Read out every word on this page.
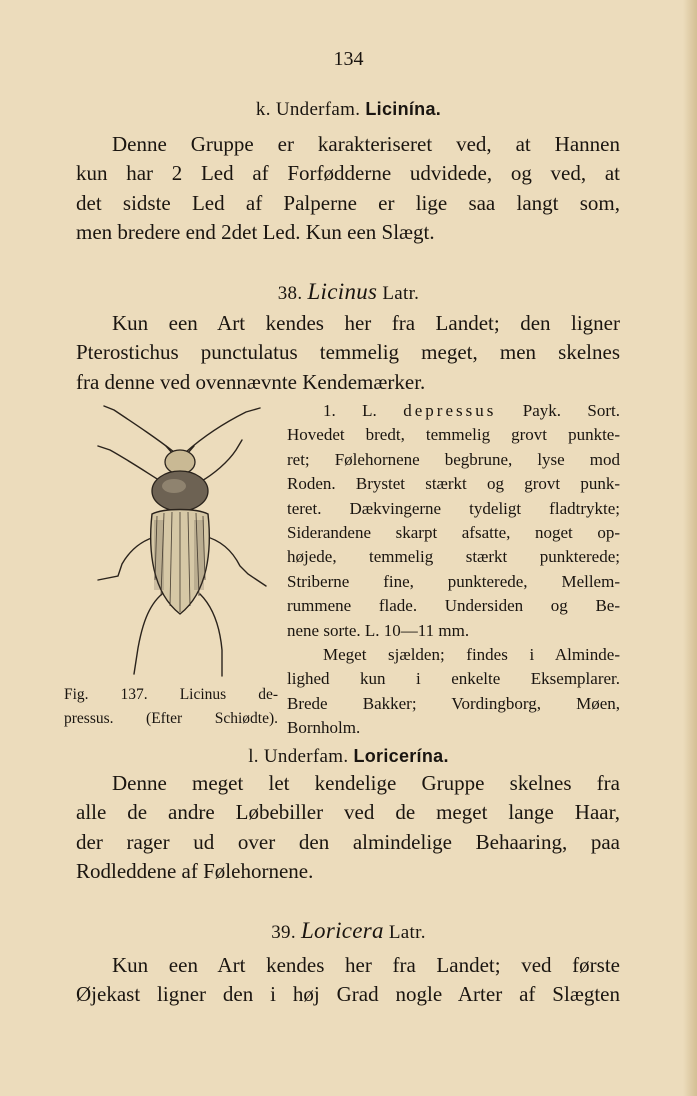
134
k. Underfam. Licinína.

Denne Gruppe er karakteriseret ved, at Hannen
kun har 2 Led af Forfødderne udvidede, og ved, at
det sidste Led af Palperne er lige saa langt som,
men bredere end 2det Led. Kun een Slægt.

38. Licinus Latr.

Kun een Art kendes her fra Landet; den ligner
Pterostichus punctulatus temmelig meget, men skelnes
fra denne ved ovennævnte Kendemærker.

Fig. 137. Licinus de-
pressus. (Efter Schiødte).

1. L. depressus Payk. Sort.
Hovedet bredt, temmelig grovt punkte-
ret; Følehornene begbrune, lyse mod
Roden. Brystet stærkt og grovt punk-
teret. Dækvingerne tydeligt fladtrykte;
Siderandene skarpt afsatte, noget op-
højede, temmelig stærkt punkterede;
Striberne fine, punkterede, Mellem-
rummene flade. Undersiden og Be-
nene sorte. L. 10—11 mm.
Meget sjælden; findes i Alminde-
lighed kun i enkelte Eksemplarer.
Brede Bakker; Vordingborg, Møen,
Bornholm.

l. Underfam. Loricerína.

Denne meget let kendelige Gruppe skelnes fra
alle de andre Løbebiller ved de meget lange Haar,
der rager ud over den almindelige Behaaring, paa
Rodleddene af Følehornene.

39. Loricera Latr.

Kun een Art kendes her fra Landet; ved første
Øjekast ligner den i høj Grad nogle Arter af Slægten
